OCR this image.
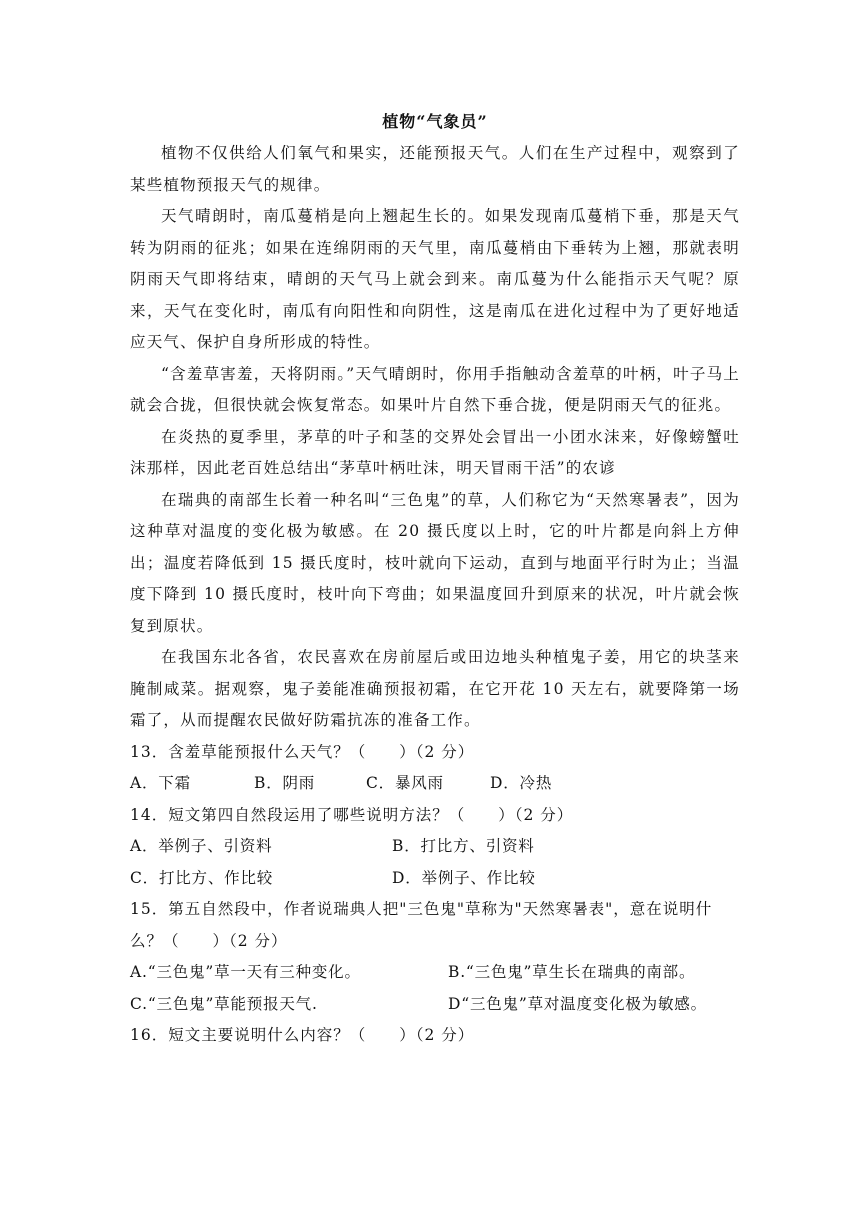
植物“气象员”

植物不仅供给人们氧气和果实，还能预报天气。人们在生产过程中，观察到了某些植物预报天气的规律。

天气晴朗时，南瓜蔓梢是向上翘起生长的。如果发现南瓜蔓梢下垂，那是天气转为阴雨的征兆；如果在连绵阴雨的天气里，南瓜蔓梢由下垂转为上翘，那就表明阴雨天气即将结束，晴朗的天气马上就会到来。南瓜蔓为什么能指示天气呢？原来，天气在变化时，南瓜有向阳性和向阴性，这是南瓜在进化过程中为了更好地适应天气、保护自身所形成的特性。

“含羞草害羞，天将阴雨。”天气晴朗时，你用手指触动含羞草的叶柄，叶子马上就会合拢，但很快就会恢复常态。如果叶片自然下垂合拢，便是阴雨天气的征兆。

在炎热的夏季里，茅草的叶子和茎的交界处会冒出一小团水沫来，好像螃蟹吐沫那样，因此老百姓总结出“茅草叶柄吐沫，明天冒雨干活”的农谚

在瑞典的南部生长着一种名叫“三色鬼”的草，人们称它为“天然寒暑表”，因为这种草对温度的变化极为敏感。在 20 摄氏度以上时，它的叶片都是向斜上方伸出；温度若降低到 15 摄氏度时，枝叶就向下运动，直到与地面平行时为止；当温度下降到 10 摄氏度时，枝叶向下弯曲；如果温度回升到原来的状况，叶片就会恢复到原状。

在我国东北各省，农民喜欢在房前屋后或田边地头种植鬼子姜，用它的块茎来腌制咸菜。据观察，鬼子姜能准确预报初霜，在它开花 10 天左右，就要降第一场霜了，从而提醒农民做好防霜抗冻的准备工作。

13．含羞草能预报什么天气？（　　）（2 分）

A．下霜	B．阴雨	C．暴风雨	D．冷热

14．短文第四自然段运用了哪些说明方法？（　　）（2 分）

A．举例子、引资料	B．打比方、引资料
C．打比方、作比较	D．举例子、作比较

15．第五自然段中，作者说瑞典人把"三色鬼"草称为"天然寒暑表"，意在说明什么？（　　）（2 分）

A.“三色鬼”草一天有三种变化。	B.“三色鬼”草生长在瑞典的南部。
C.“三色鬼”草能预报天气.	D“三色鬼”草对温度变化极为敏感。

16．短文主要说明什么内容？（　　）（2 分）
